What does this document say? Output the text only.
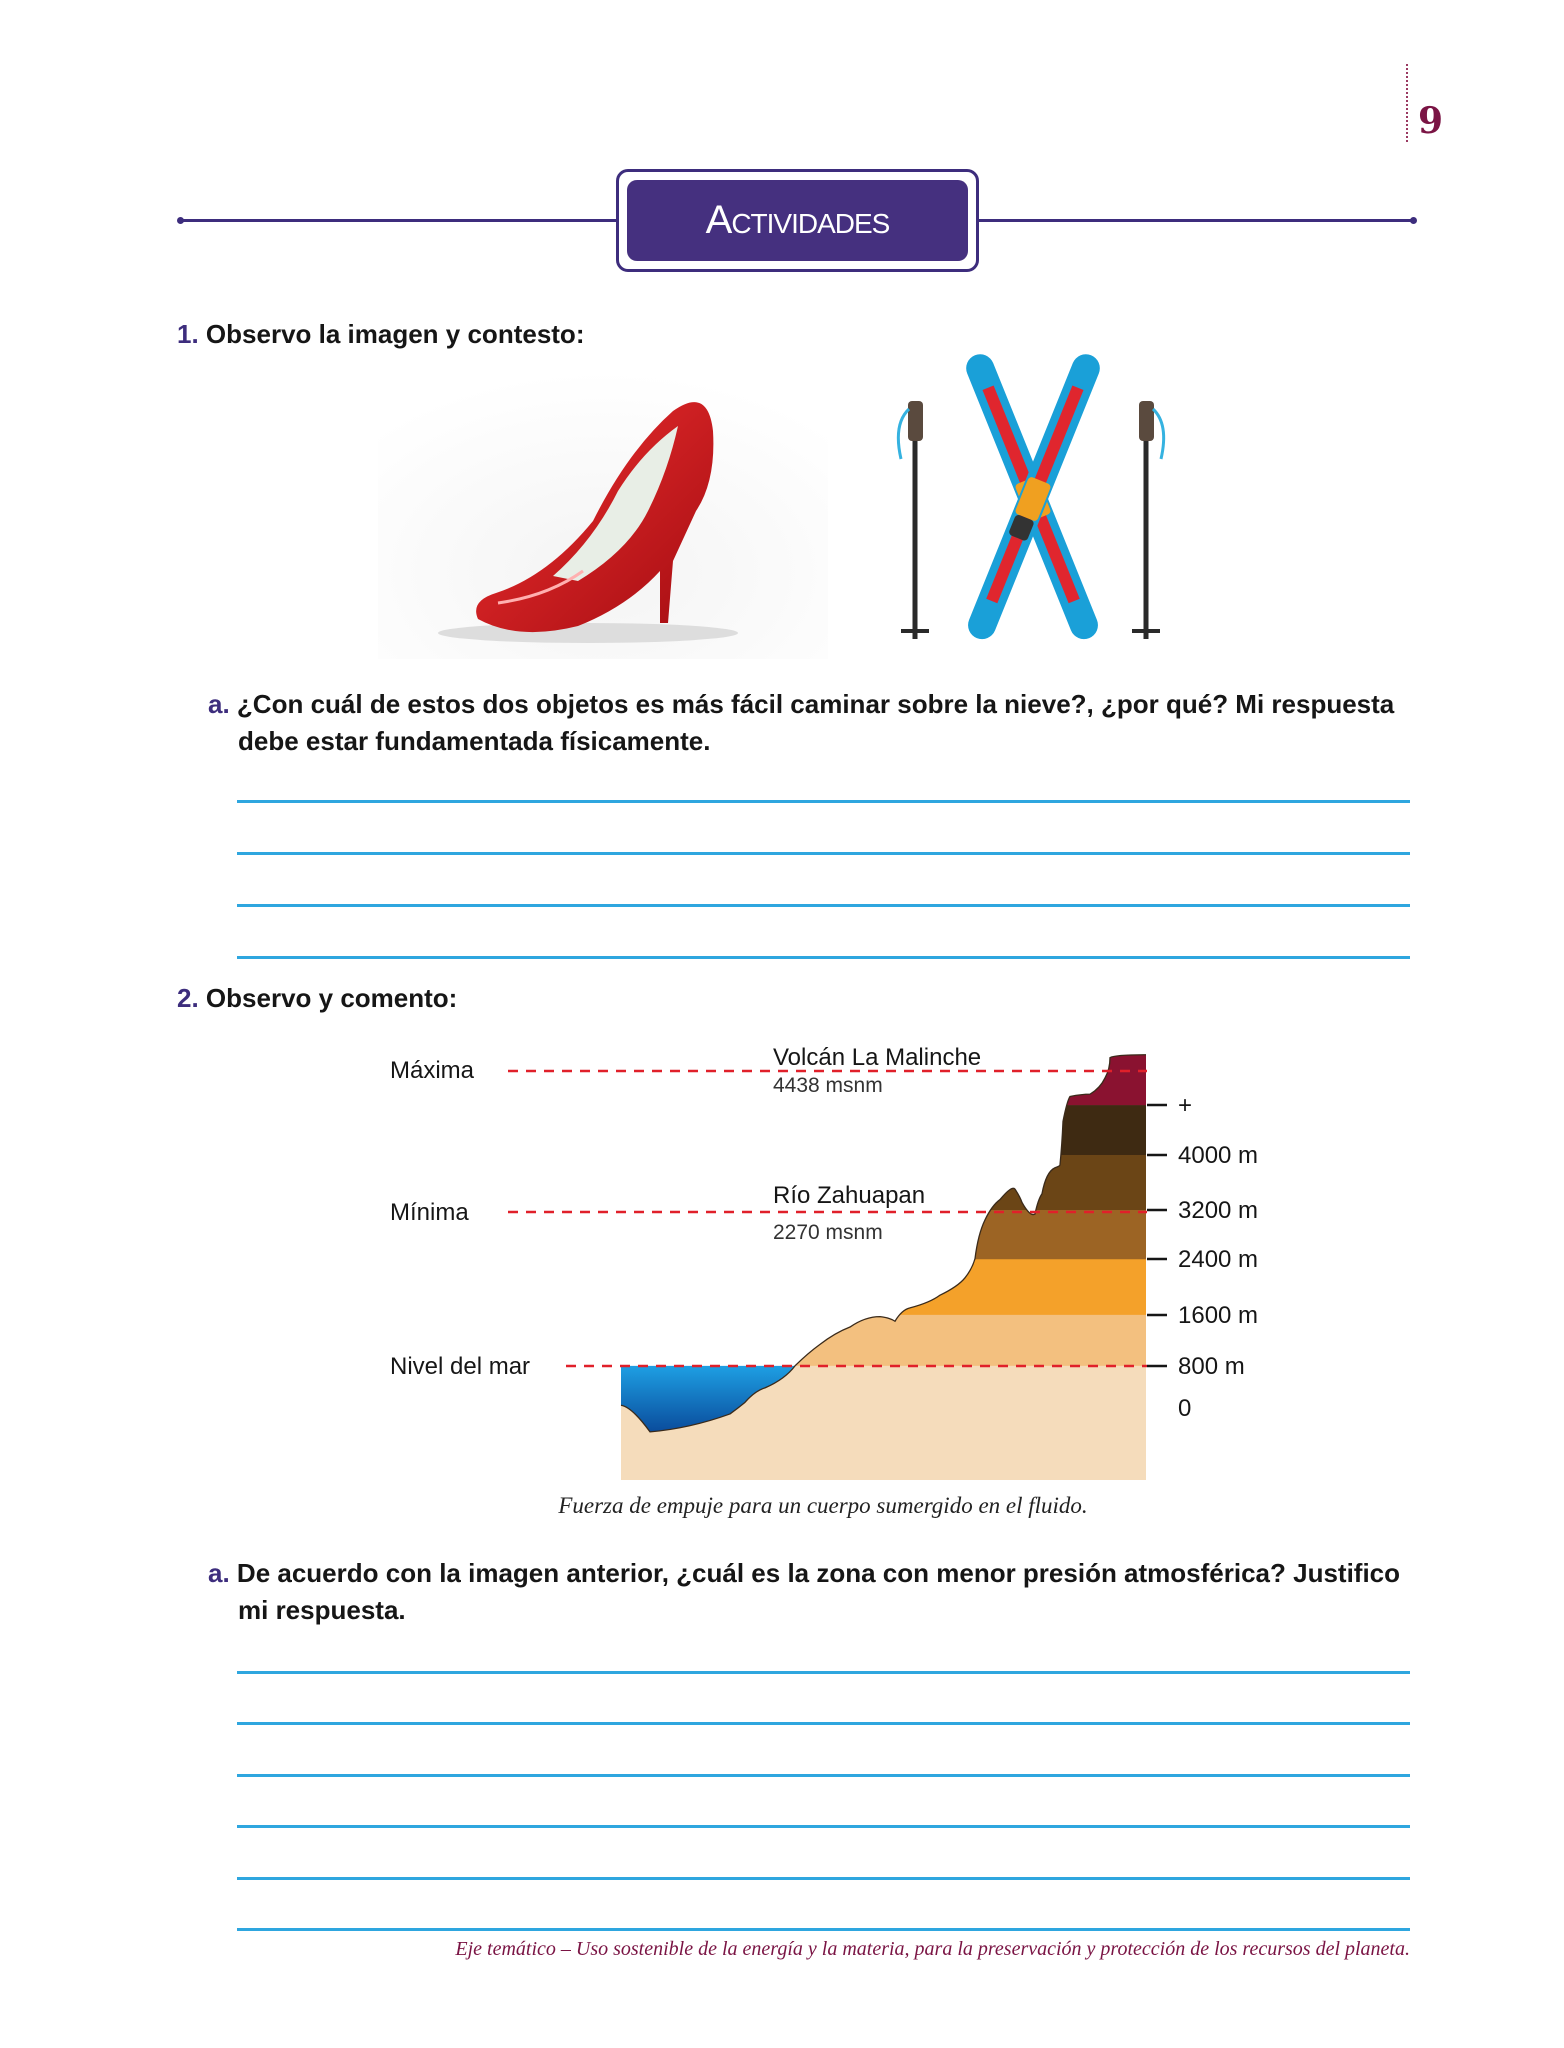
9
Actividades
1. Observo la imagen y contesto:
a. ¿Con cuál de estos dos objetos es más fácil caminar sobre la nieve?, ¿por qué? Mi respuesta
debe estar fundamentada físicamente.
2. Observo y comento:
Máxima
Mínima
Nivel del mar
Volcán La Malinche
4438 msnm
Río Zahuapan
2270 msnm
+
4000 m
3200 m
2400 m
1600 m
800 m
0
Fuerza de empuje para un cuerpo sumergido en el fluido.
a. De acuerdo con la imagen anterior, ¿cuál es la zona con menor presión atmosférica? Justifico
mi respuesta.
Eje temático – Uso sostenible de la energía y la materia, para la preservación y protección de los recursos del planeta.
